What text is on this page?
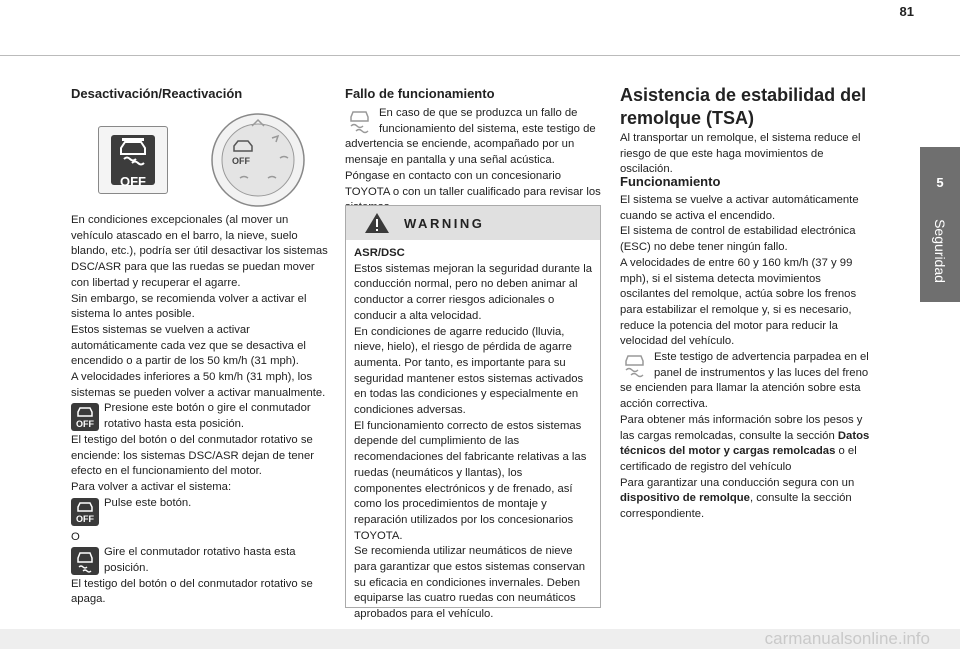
81
5
Seguridad
Desactivación/Reactivación
OFF
OFF

En condiciones excepcionales (al mover un vehículo atascado en el barro, la nieve, suelo blando, etc.), podría ser útil desactivar los sistemas DSC/ASR para que las ruedas se puedan mover con libertad y recuperar el agarre.

Sin embargo, se recomienda volver a activar el sistema lo antes posible.

Estos sistemas se vuelven a activar automáticamente cada vez que se desactiva el encendido o a partir de los 50 km/h (31 mph).

A velocidades inferiores a 50 km/h (31 mph), los sistemas se pueden volver a activar manualmente.

OFF

Presione este botón o gire el conmutador rotativo hasta esta posición.

El testigo del botón o del conmutador rotativo se enciende: los sistemas DSC/ASR dejan de tener efecto en el funcionamiento del motor.

Para volver a activar el sistema:

OFF

Pulse este botón.

O

Gire el conmutador rotativo hasta esta posición.

El testigo del botón o del conmutador rotativo se apaga.

Fallo de funcionamiento

En caso de que se produzca un fallo de funcionamiento del sistema, este testigo de advertencia se enciende, acompañado por un mensaje en pantalla y una señal acústica.

Póngase en contacto con un concesionario TOYOTA o con un taller cualificado para revisar los

WARNING

ASR/DSC

Estos sistemas mejoran la seguridad durante la conducción normal, pero no deben animar al conductor a correr riesgos adicionales o conducir a alta velocidad.

En condiciones de agarre reducido (lluvia, nieve, hielo), el riesgo de pérdida de agarre aumenta. Por tanto, es importante para su seguridad mantener estos sistemas activados en todas las condiciones y especialmente en condiciones adversas.

El funcionamiento correcto de estos sistemas depende del cumplimiento de las recomendaciones del fabricante relativas a las ruedas (neumáticos y llantas), los componentes electrónicos y de frenado, así como los procedimientos de montaje y reparación utilizados por los concesionarios TOYOTA.

Se recomienda utilizar neumáticos de nieve para garantizar que estos sistemas conservan su eficacia en condiciones invernales. Deben equiparse las cuatro ruedas con neumáticos aprobados para el vehículo.

Asistencia de estabilidad del remolque (TSA)

Al transportar un remolque, el sistema reduce el riesgo de que este haga movimientos de oscilación.

Funcionamiento

El sistema se vuelve a activar automáticamente cuando se activa el encendido.

El sistema de control de estabilidad electrónica (ESC) no debe tener ningún fallo.

A velocidades de entre 60 y 160 km/h (37 y 99 mph), si el sistema detecta movimientos oscilantes del remolque, actúa sobre los frenos para estabilizar el remolque y, si es necesario, reduce la potencia del motor para reducir la velocidad del vehículo.

Este testigo de advertencia parpadea en el panel de instrumentos y las luces del freno se encienden para llamar la atención sobre esta acción correctiva.

Para obtener más información sobre los pesos y las cargas remolcadas, consulte la sección Datos técnicos del motor y cargas remolcadas o el certificado de registro del vehículo

Para garantizar una conducción segura con un dispositivo de remolque, consulte la sección correspondiente.

carmanualsonline.info
